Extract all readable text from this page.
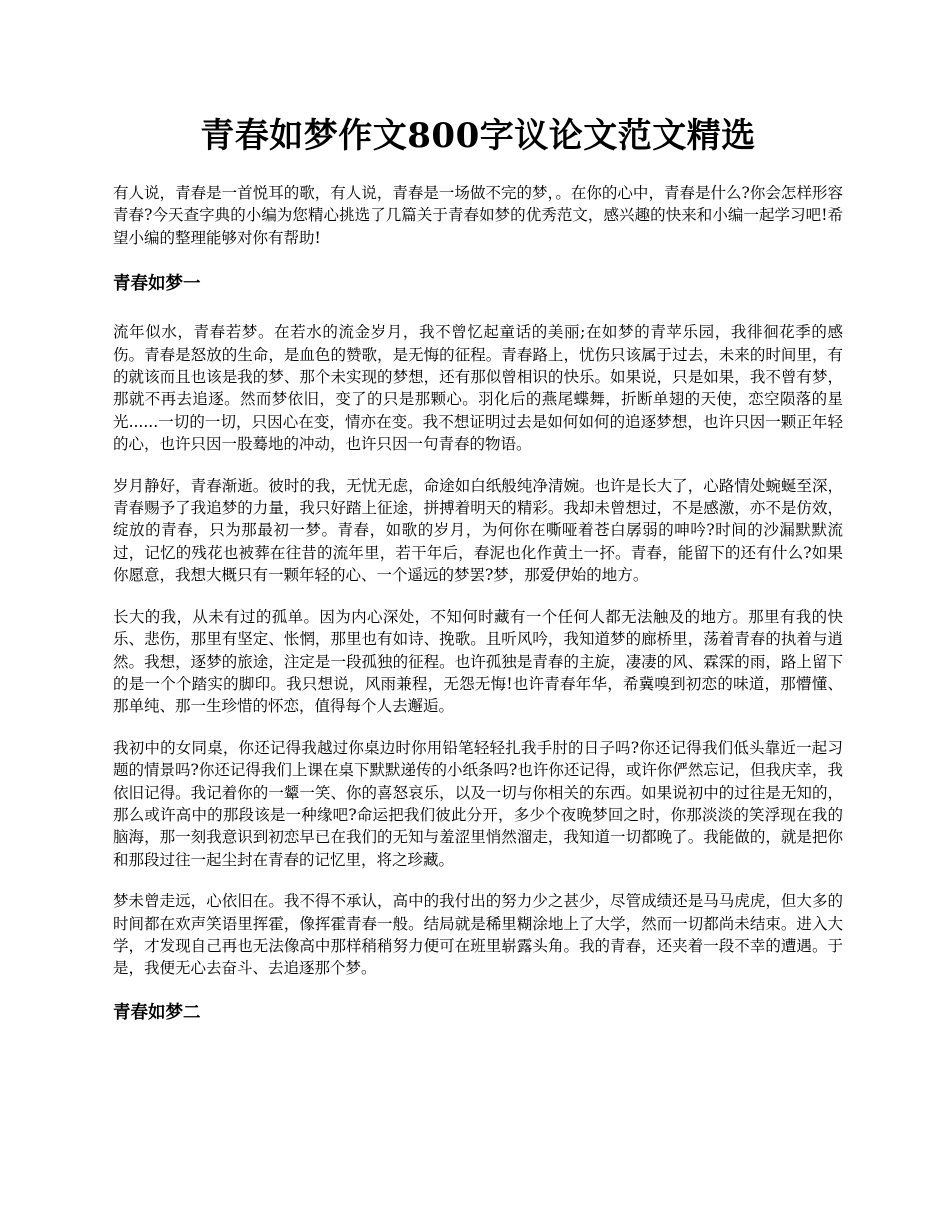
青春如梦作文800字议论文范文精选

有人说，青春是一首悦耳的歌，有人说，青春是一场做不完的梦，。在你的心中，青春是什么?你会怎样形容青春?今天查字典的小编为您精心挑选了几篇关于青春如梦的优秀范文，感兴趣的快来和小编一起学习吧!希望小编的整理能够对你有帮助!

青春如梦一

流年似水，青春若梦。在若水的流金岁月，我不曾忆起童话的美丽;在如梦的青苹乐园，我徘徊花季的感伤。青春是怒放的生命，是血色的赞歌，是无悔的征程。青春路上，忧伤只该属于过去，未来的时间里，有的就该而且也该是我的梦、那个未实现的梦想，还有那似曾相识的快乐。如果说，只是如果，我不曾有梦，那就不再去追逐。然而梦依旧，变了的只是那颗心。羽化后的燕尾蝶舞，折断单翅的天使，恋空陨落的星光......一切的一切，只因心在变，情亦在变。我不想证明过去是如何如何的追逐梦想，也许只因一颗正年轻的心，也许只因一股蓦地的冲动，也许只因一句青春的物语。

岁月静好，青春渐逝。彼时的我，无忧无虑，命途如白纸般纯净清婉。也许是长大了，心路情处蜿蜒至深，青春赐予了我追梦的力量，我只好踏上征途，拼搏着明天的精彩。我却未曾想过，不是感激，亦不是仿效，绽放的青春，只为那最初一梦。青春，如歌的岁月，为何你在嘶哑着苍白孱弱的呻吟?时间的沙漏默默流过，记忆的残花也被葬在往昔的流年里，若干年后，春泥也化作黄土一抔。青春，能留下的还有什么?如果你愿意，我想大概只有一颗年轻的心、一个遥远的梦罢?梦，那爱伊始的地方。

长大的我，从未有过的孤单。因为内心深处，不知何时藏有一个任何人都无法触及的地方。那里有我的快乐、悲伤，那里有坚定、怅惘，那里也有如诗、挽歌。且听风吟，我知道梦的廊桥里，荡着青春的执着与逍然。我想，逐梦的旅途，注定是一段孤独的征程。也许孤独是青春的主旋，凄凄的风、霖霂的雨，路上留下的是一个个踏实的脚印。我只想说，风雨兼程，无怨无悔!也许青春年华，希冀嗅到初恋的味道，那懵懂、那单纯、那一生珍惜的怀恋，值得每个人去邂逅。

我初中的女同桌，你还记得我越过你桌边时你用铅笔轻轻扎我手肘的日子吗?你还记得我们低头靠近一起习题的情景吗?你还记得我们上课在桌下默默递传的小纸条吗?也许你还记得，或许你俨然忘记，但我庆幸，我依旧记得。我记着你的一颦一笑、你的喜怒哀乐，以及一切与你相关的东西。如果说初中的过往是无知的，那么或许高中的那段该是一种缘吧?命运把我们彼此分开，多少个夜晚梦回之时，你那淡淡的笑浮现在我的脑海，那一刻我意识到初恋早已在我们的无知与羞涩里悄然溜走，我知道一切都晚了。我能做的，就是把你和那段过往一起尘封在青春的记忆里，将之珍藏。

梦未曾走远，心依旧在。我不得不承认，高中的我付出的努力少之甚少，尽管成绩还是马马虎虎，但大多的时间都在欢声笑语里挥霍，像挥霍青春一般。结局就是稀里糊涂地上了大学，然而一切都尚未结束。进入大学，才发现自己再也无法像高中那样稍稍努力便可在班里崭露头角。我的青春，还夹着一段不幸的遭遇。于是，我便无心去奋斗、去追逐那个梦。

青春如梦二
